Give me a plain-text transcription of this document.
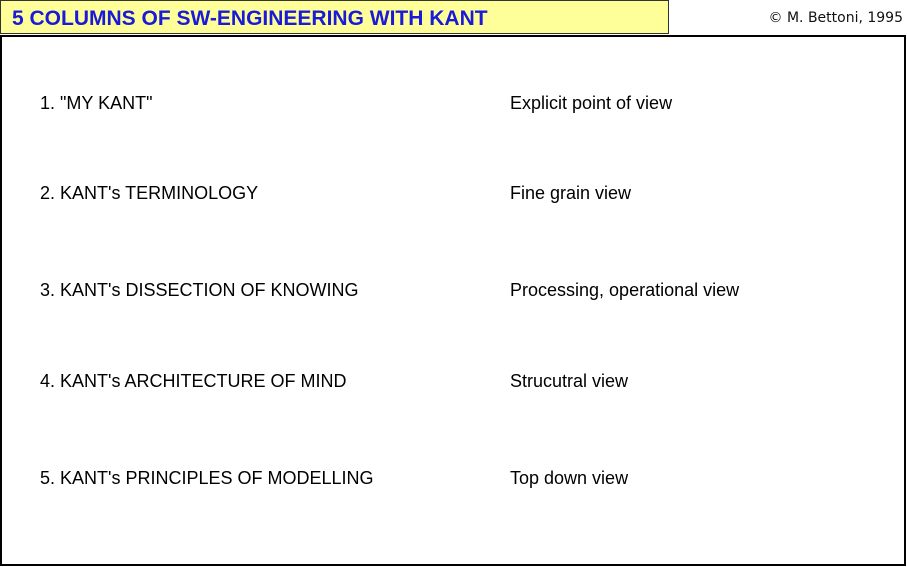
5 COLUMNS OF SW-ENGINEERING WITH KANT	© M. Bettoni, 1995
1. "MY KANT"	Explicit point of view
2. KANT's TERMINOLOGY	Fine grain view
3. KANT's DISSECTION OF KNOWING	Processing, operational view
4. KANT's ARCHITECTURE OF MIND	Strucutral view
5. KANT's PRINCIPLES OF MODELLING	Top down view
